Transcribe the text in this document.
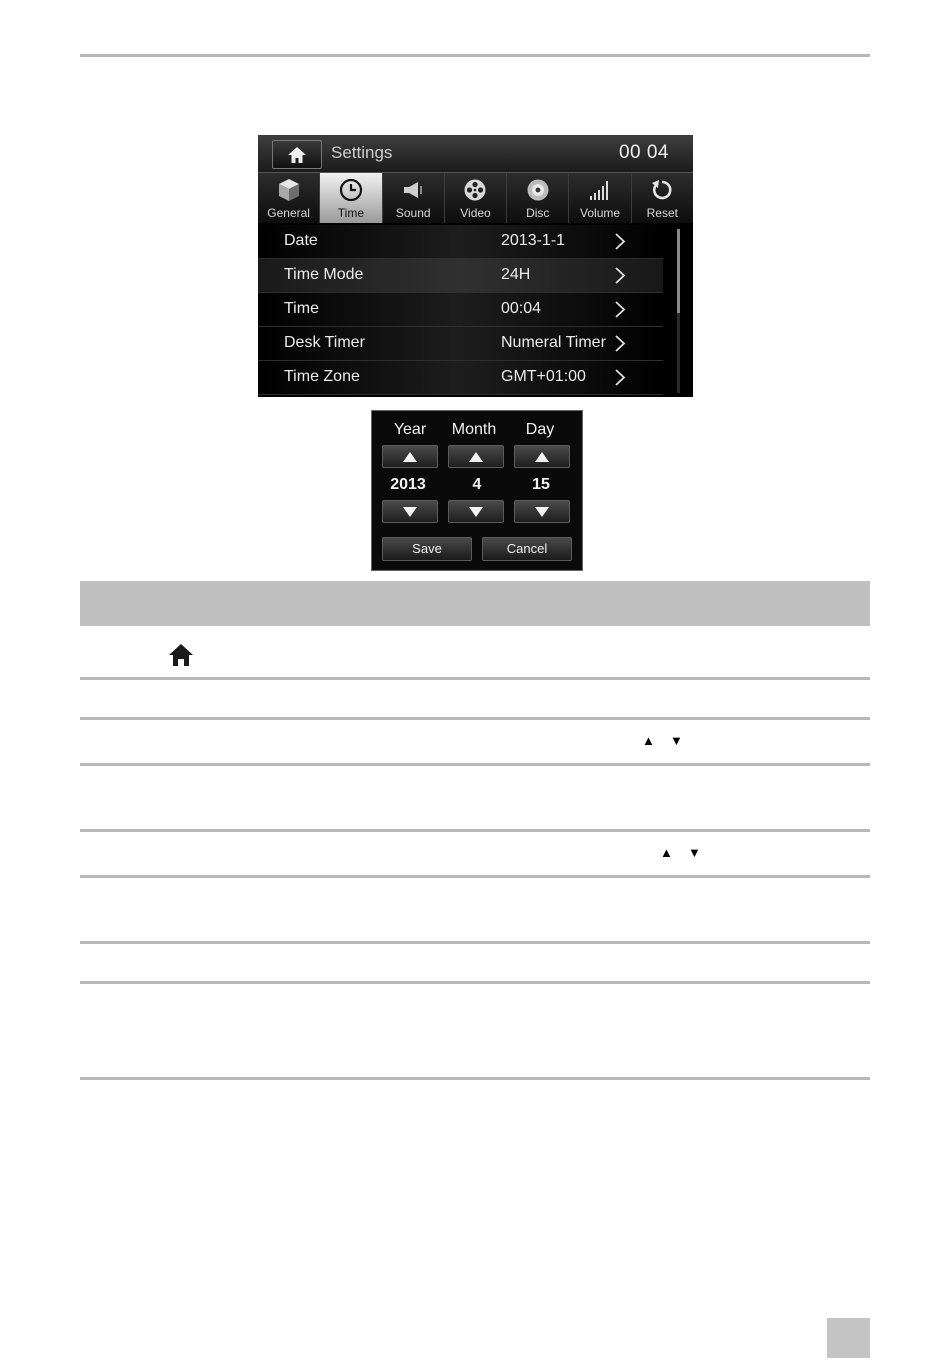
Settings	00 04
General Time	Sound Video	Disc	Volume Reset
Date	2013-1-1
Time Mode	24H
Time	00:04
Desk Timer	Numeral Timer
Time Zone	GMT+01:00
Year	Month	Day
2013	4	15
Save	Cancel
▲ ▼
▲ ▼
